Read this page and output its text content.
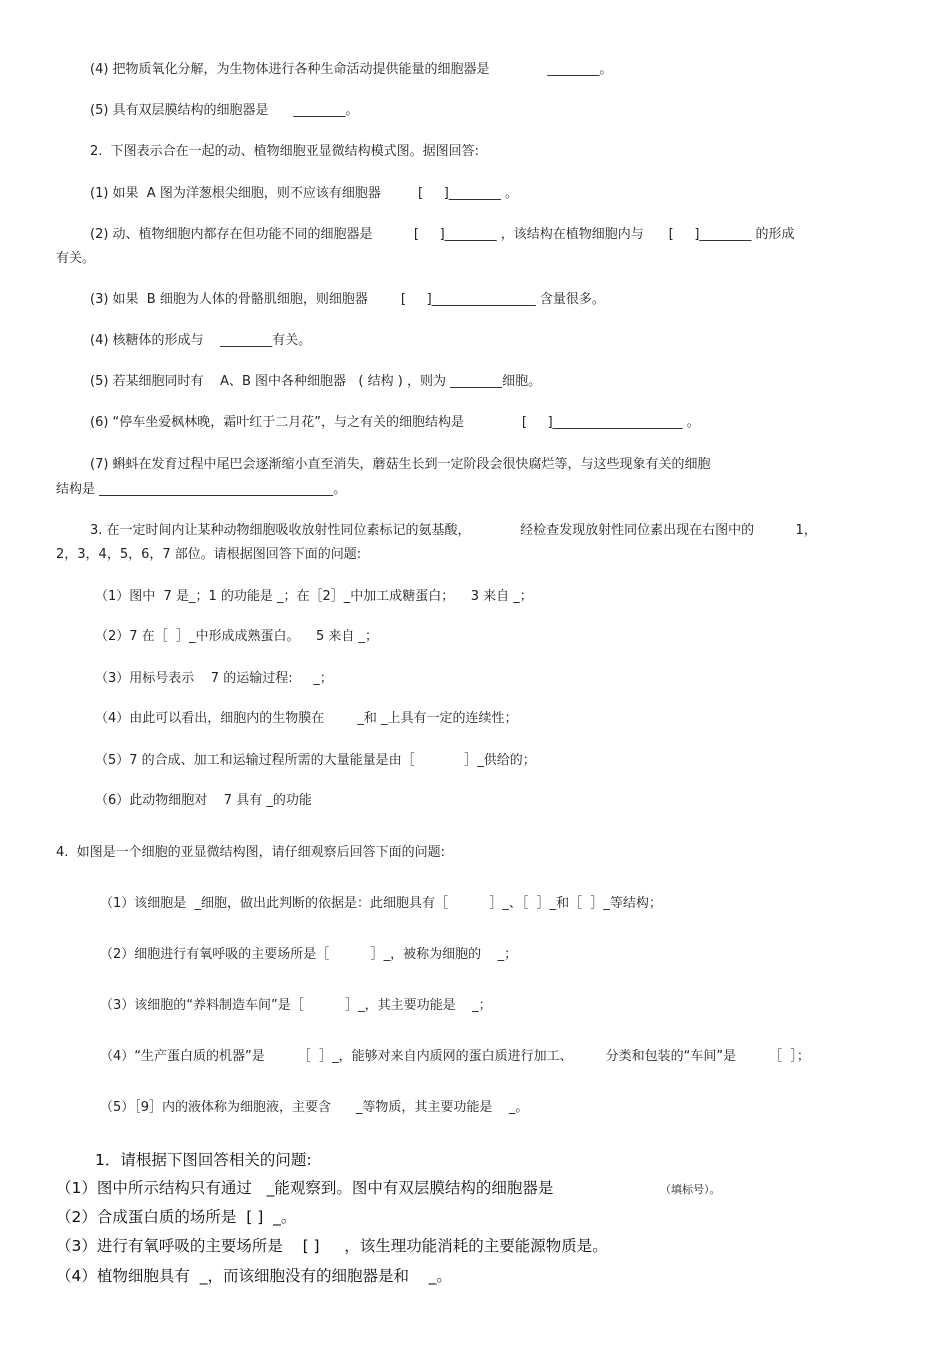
(4) 把物质氧化分解，为生物体进行各种生命活动提供能量的细胞器是              ________。
(5) 具有双层膜结构的细胞器是      ________。
2.  下图表示合在一起的动、植物细胞亚显微结构模式图。据图回答:
(1) 如果  A 图为洋葱根尖细胞，则不应该有细胞器         [     ]________ 。
(2) 动、植物细胞内都存在但功能不同的细胞器是          [     ]________ ，该结构在植物细胞内与      [     ]________ 的形成
有关。
(3) 如果  B 细胞为人体的骨骼肌细胞，则细胞器        [     ]________________ 含量很多。
(4) 核糖体的形成与    ________有关。
(5) 若某细胞同时有    A、B 图中各种细胞器   ( 结构 ) ，则为 ________细胞。
(6) “停车坐爱枫林晚，霜叶红于二月花”，与之有关的细胞结构是              [     ]____________________ 。
(7) 蝌蚪在发育过程中尾巴会逐渐缩小直至消失，蘑菇生长到一定阶段会很快腐烂等，与这些现象有关的细胞
结构是 ____________________________________。
3. 在一定时间内让某种动物细胞吸收放射性同位素标记的氨基酸，            经检查发现放射性同位素出现在右图中的          1，
2，3，4，5，6，7 部位。请根据图回答下面的问题:
（1）图中  7 是_；1 的功能是 _；在［2］_中加工成糖蛋白；    3 来自 _；
（2）7 在［  ］_中形成成熟蛋白。    5 来自 _；
（3）用标号表示    7 的运输过程:     _；
（4）由此可以看出，细胞内的生物膜在        _和 _上具有一定的连续性；
（5）7 的合成、加工和运输过程所需的大量能量是由［            ］_供给的；
（6）此动物细胞对    7 具有 _的功能
4.  如图是一个细胞的亚显微结构图，请仔细观察后回答下面的问题:
（1）该细胞是  _细胞，做出此判断的依据是：此细胞具有［          ］_、［  ］_和［  ］_等结构；
（2）细胞进行有氧呼吸的主要场所是［          ］_，被称为细胞的    _；
（3）该细胞的“养料制造车间”是［          ］_，其主要功能是    _；
（4）“生产蛋白质的机器”是        ［  ］_，能够对来自内质网的蛋白质进行加工、        分类和包装的“车间”是        ［  ］；
（5）［9］内的液体称为细胞液，主要含      _等物质，其主要功能是    _。
1．请根据下图回答相关的问题:
（1）图中所示结构只有通过   _能观察到。图中有双层膜结构的细胞器是	（填标号）。
（2）合成蛋白质的场所是  [ ]  _。
（3）进行有氧呼吸的主要场所是    [ ]     ，该生理功能消耗的主要能源物质是。
（4）植物细胞具有  _，而该细胞没有的细胞器是和    _。
